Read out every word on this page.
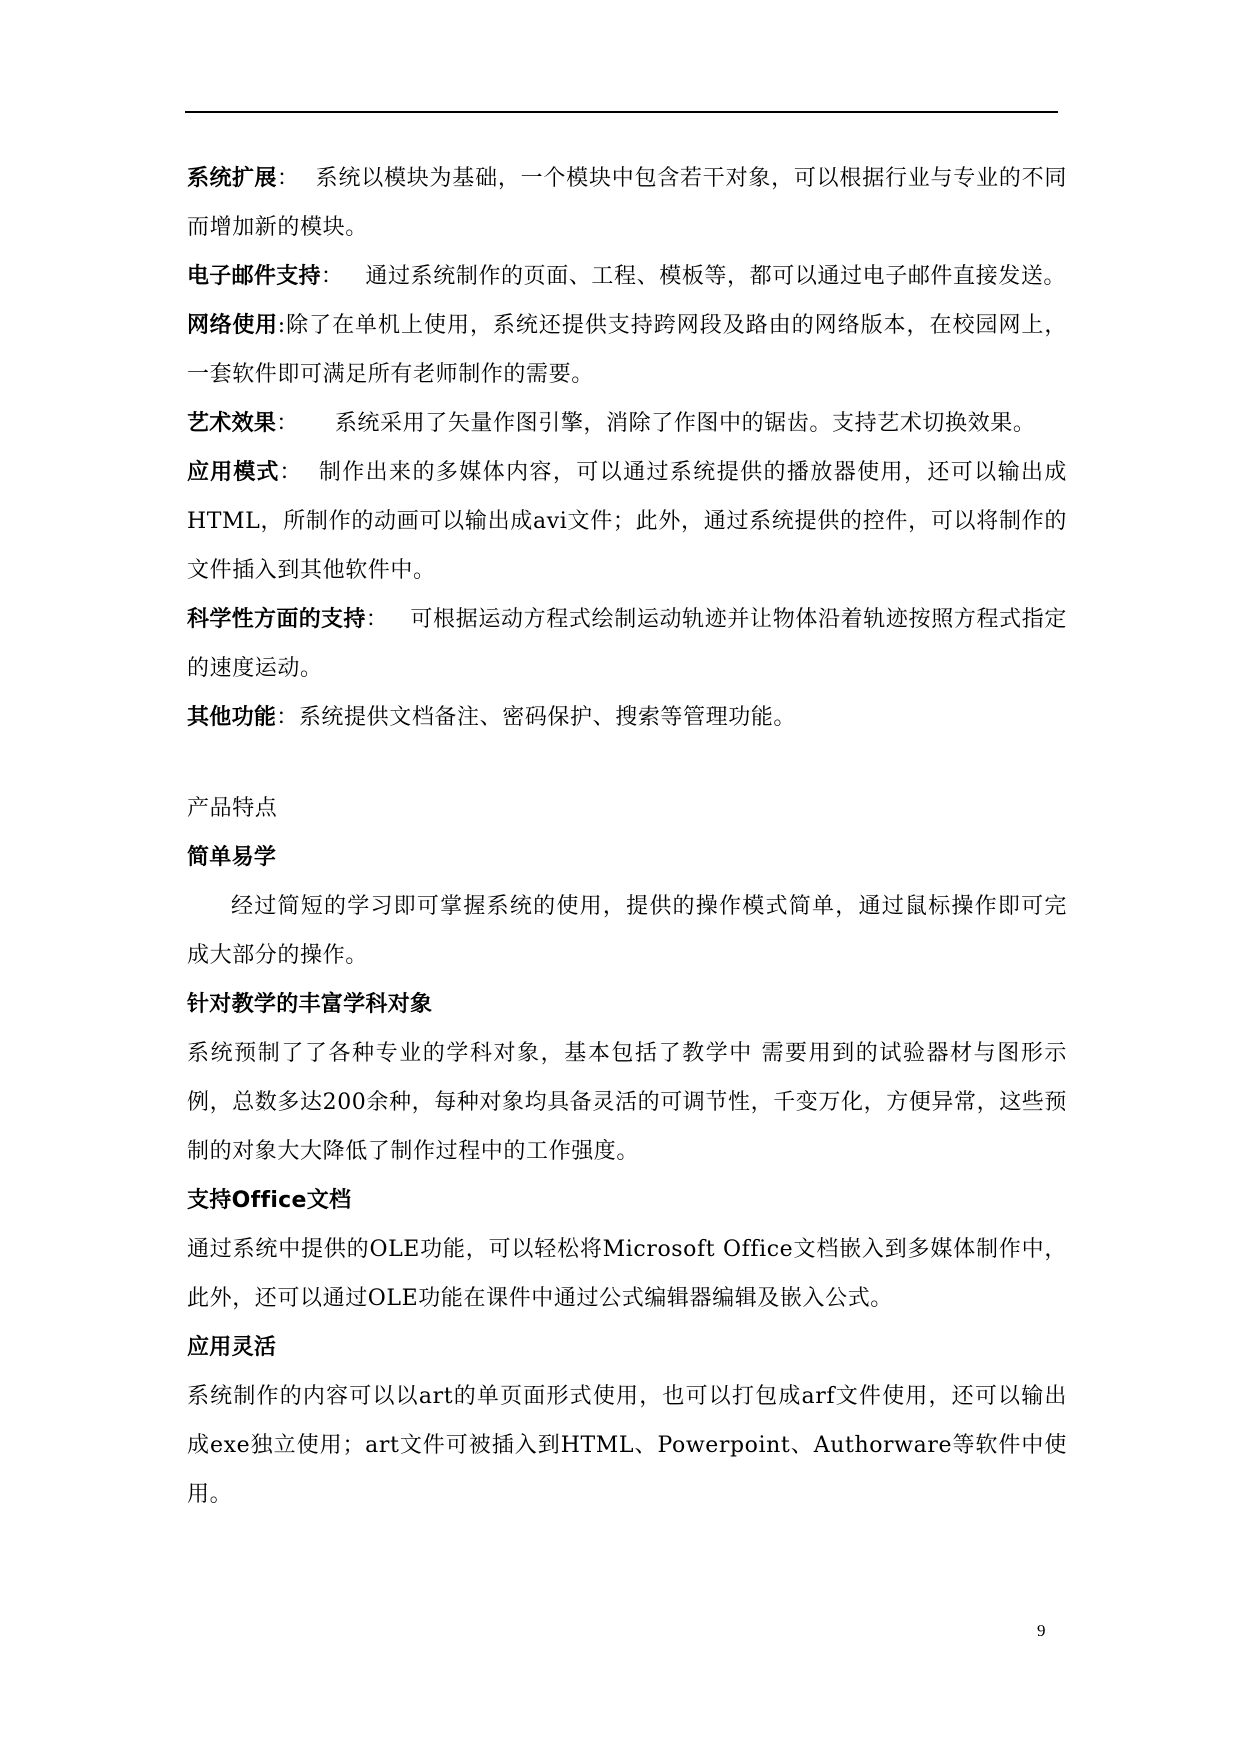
系统扩展： 系统以模块为基础，一个模块中包含若干对象，可以根据行业与专业的不同而增加新的模块。

电子邮件支持： 通过系统制作的页面、工程、模板等，都可以通过电子邮件直接发送。

网络使用:除了在单机上使用，系统还提供支持跨网段及路由的网络版本，在校园网上，一套软件即可满足所有老师制作的需要。

艺术效果： 系统采用了矢量作图引擎，消除了作图中的锯齿。支持艺术切换效果。

应用模式： 制作出来的多媒体内容，可以通过系统提供的播放器使用，还可以输出成HTML，所制作的动画可以输出成avi文件；此外，通过系统提供的控件，可以将制作的文件插入到其他软件中。

科学性方面的支持： 可根据运动方程式绘制运动轨迹并让物体沿着轨迹按照方程式指定的速度运动。

其他功能：系统提供文档备注、密码保护、搜索等管理功能。

产品特点

简单易学

经过简短的学习即可掌握系统的使用，提供的操作模式简单，通过鼠标操作即可完成大部分的操作。

针对教学的丰富学科对象

系统预制了了各种专业的学科对象，基本包括了教学中 需要用到的试验器材与图形示例，总数多达200余种，每种对象均具备灵活的可调节性，千变万化，方便异常，这些预制的对象大大降低了制作过程中的工作强度。

支持Office文档

通过系统中提供的OLE功能，可以轻松将Microsoft Office文档嵌入到多媒体制作中，此外，还可以通过OLE功能在课件中通过公式编辑器编辑及嵌入公式。

应用灵活

系统制作的内容可以以art的单页面形式使用，也可以打包成arf文件使用，还可以输出成exe独立使用；art文件可被插入到HTML、Powerpoint、Authorware等软件中使用。

9
